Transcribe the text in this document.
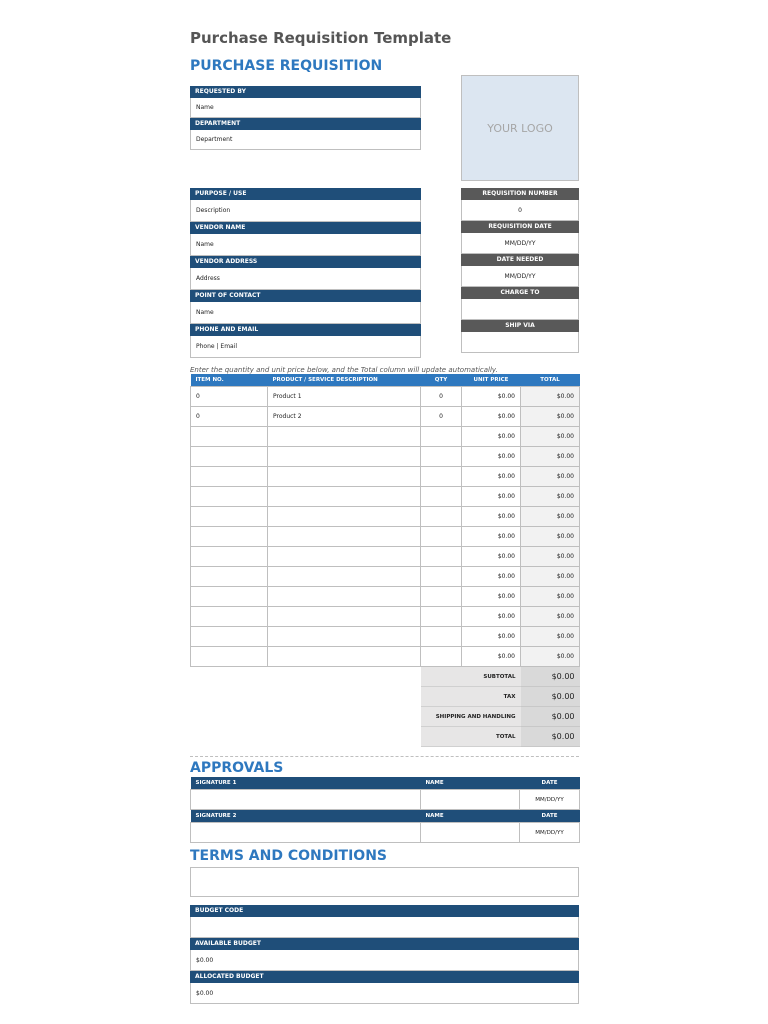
Purchase Requisition Template
PURCHASE REQUISITION
REQUESTED BY
Name
DEPARTMENT
Department
YOUR LOGO
PURPOSE / USE
Description
VENDOR NAME
Name
VENDOR ADDRESS
Address
POINT OF CONTACT
Name
PHONE AND EMAIL
Phone | Email
REQUISITION NUMBER
0
REQUISITION DATE
MM/DD/YY
DATE NEEDED
MM/DD/YY
CHARGE TO
SHIP VIA
Enter the quantity and unit price below, and the Total column will update automatically.
ITEM NO.	PRODUCT / SERVICE DESCRIPTION	QTY	UNIT PRICE	TOTAL
0	Product 1	0	$0.00	$0.00
0	Product 2	0	$0.00	$0.00
			$0.00	$0.00
			$0.00	$0.00
			$0.00	$0.00
			$0.00	$0.00
			$0.00	$0.00
			$0.00	$0.00
			$0.00	$0.00
			$0.00	$0.00
			$0.00	$0.00
			$0.00	$0.00
			$0.00	$0.00
			$0.00	$0.00
		SUBTOTAL		$0.00
		TAX		$0.00
		SHIPPING AND HANDLING		$0.00
		TOTAL		$0.00
APPROVALS
SIGNATURE 1	NAME	DATE
		MM/DD/YY
SIGNATURE 2	NAME	DATE
		MM/DD/YY
TERMS AND CONDITIONS
BUDGET CODE
AVAILABLE BUDGET
$0.00
ALLOCATED BUDGET
$0.00
